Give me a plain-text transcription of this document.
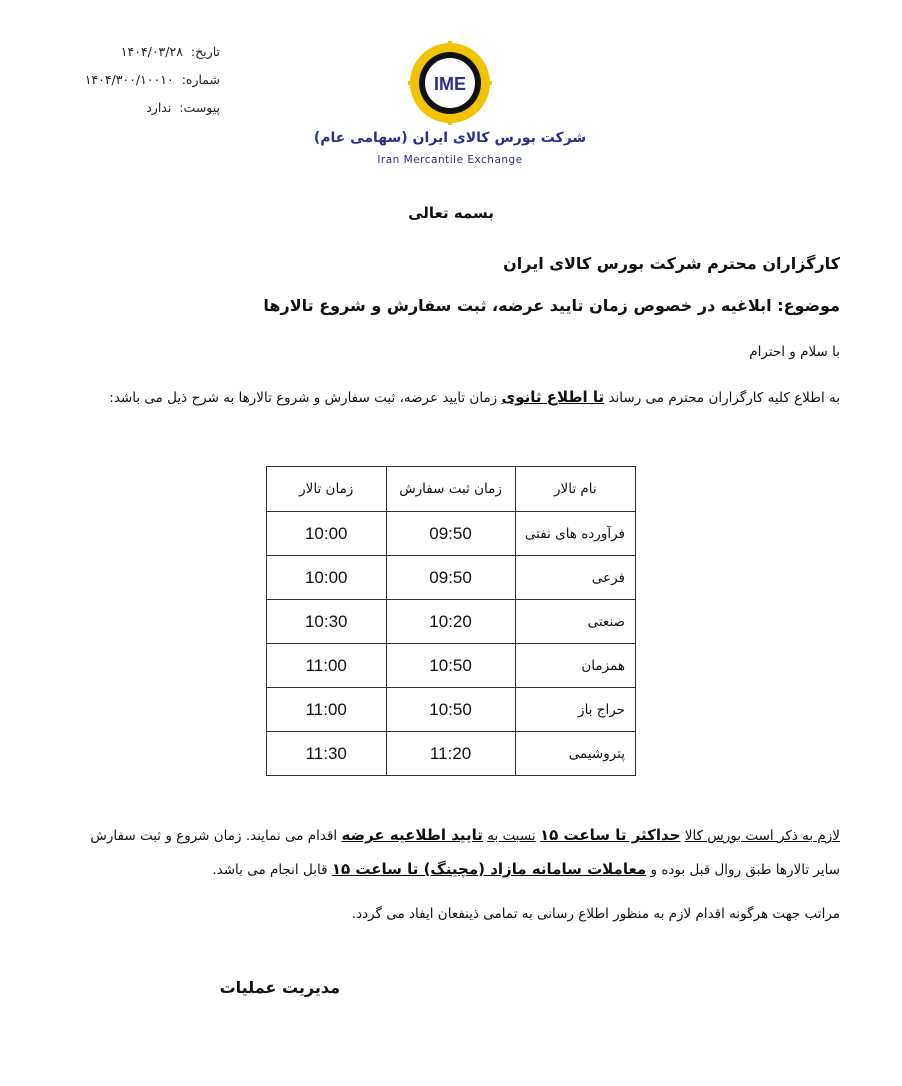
تاریخ: ۱۴۰۴/۰۳/۲۸
شماره: ۱۴۰۴/۳۰۰/۱۰۰۱۰
پیوست: ندارد
IME
شرکت بورس کالای ایران (سهامی عام)
Iran Mercantile Exchange
بسمه تعالی
کارگزاران محترم شرکت بورس کالای ایران
موضوع: ابلاغیه در خصوص زمان تایید عرضه، ثبت سفارش و شروع تالارها
با سلام و احترام
به اطلاع کلیه کارگزاران محترم می رساند تا اطلاع ثانوی زمان تایید عرضه، ثبت سفارش و شروع تالارها به شرح ذیل می باشد:
نام تالار	زمان ثبت سفارش	زمان تالار
فرآورده های نفتی	09:50	10:00
فرعی	09:50	10:00
صنعتی	10:20	10:30
همزمان	10:50	11:00
حراج باز	10:50	11:00
پتروشیمی	11:20	11:30
لازم به ذکر است بورس کالا حداکثر تا ساعت ۱۵ نسبت به تایید اطلاعیه عرضه اقدام می نمایند. زمان شروع و ثبت سفارش
سایر تالارها طبق روال قبل بوده و معاملات سامانه مازاد (مچینگ) تا ساعت ۱۵ قابل انجام می باشد.
مراتب جهت هرگونه اقدام لازم به منظور اطلاع رسانی به تمامی ذینفعان ایفاد می گردد.
مدیریت عملیات
